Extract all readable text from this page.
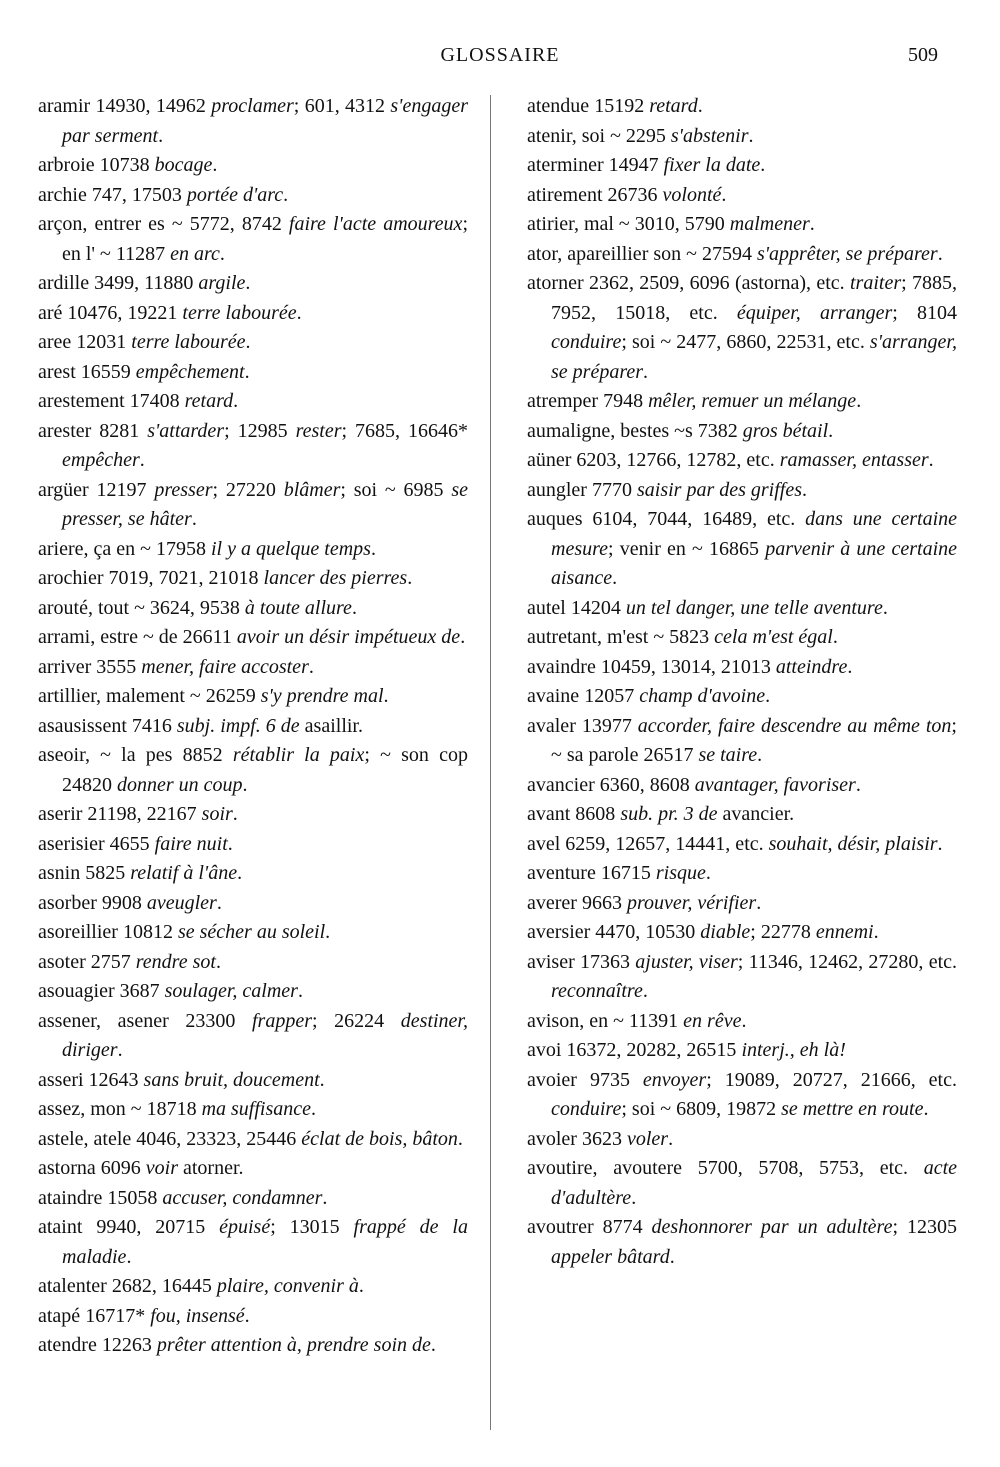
GLOSSAIRE	509
aramir 14930, 14962 proclamer; 601, 4312 s'engager par serment.
arbroie 10738 bocage.
archie 747, 17503 portée d'arc.
arçon, entrer es ~ 5772, 8742 faire l'acte amoureux; en l' ~ 11287 en arc.
ardille 3499, 11880 argile.
aré 10476, 19221 terre labourée.
aree 12031 terre labourée.
arest 16559 empêchement.
arestement 17408 retard.
arester 8281 s'attarder; 12985 rester; 7685, 16646* empêcher.
argüer 12197 presser; 27220 blâmer; soi ~ 6985 se presser, se hâter.
ariere, ça en ~ 17958 il y a quelque temps.
arochier 7019, 7021, 21018 lancer des pierres.
arouté, tout ~ 3624, 9538 à toute allure.
arrami, estre ~ de 26611 avoir un désir impétueux de.
arriver 3555 mener, faire accoster.
artillier, malement ~ 26259 s'y prendre mal.
asausissent 7416 subj. impf. 6 de asaillir.
aseoir, ~ la pes 8852 rétablir la paix; ~ son cop 24820 donner un coup.
aserir 21198, 22167 soir.
aserisier 4655 faire nuit.
asnin 5825 relatif à l'âne.
asorber 9908 aveugler.
asoreillier 10812 se sécher au soleil.
asoter 2757 rendre sot.
asouagier 3687 soulager, calmer.
assener, asener 23300 frapper; 26224 destiner, diriger.
asseri 12643 sans bruit, doucement.
assez, mon ~ 18718 ma suffisance.
astele, atele 4046, 23323, 25446 éclat de bois, bâton.
astorna 6096 voir atorner.
ataindre 15058 accuser, condamner.
ataint 9940, 20715 épuisé; 13015 frappé de la maladie.
atalenter 2682, 16445 plaire, convenir à.
atapé 16717* fou, insensé.
atendre 12263 prêter attention à, prendre soin de.
atendue 15192 retard.
atenir, soi ~ 2295 s'abstenir.
aterminer 14947 fixer la date.
atirement 26736 volonté.
atirier, mal ~ 3010, 5790 malmener.
ator, apareillier son ~ 27594 s'apprêter, se préparer.
atorner 2362, 2509, 6096 (astorna), etc. traiter; 7885, 7952, 15018, etc. équiper, arranger; 8104 conduire; soi ~ 2477, 6860, 22531, etc. s'arranger, se préparer.
atremper 7948 mêler, remuer un mélange.
aumaligne, bestes ~s 7382 gros bétail.
aüner 6203, 12766, 12782, etc. ramasser, entasser.
aungler 7770 saisir par des griffes.
auques 6104, 7044, 16489, etc. dans une certaine mesure; venir en ~ 16865 parvenir à une certaine aisance.
autel 14204 un tel danger, une telle aventure.
autretant, m'est ~ 5823 cela m'est égal.
avaindre 10459, 13014, 21013 atteindre.
avaine 12057 champ d'avoine.
avaler 13977 accorder, faire descendre au même ton; ~ sa parole 26517 se taire.
avancier 6360, 8608 avantager, favoriser.
avant 8608 sub. pr. 3 de avancier.
avel 6259, 12657, 14441, etc. souhait, désir, plaisir.
aventure 16715 risque.
averer 9663 prouver, vérifier.
aversier 4470, 10530 diable; 22778 ennemi.
aviser 17363 ajuster, viser; 11346, 12462, 27280, etc. reconnaître.
avison, en ~ 11391 en rêve.
avoi 16372, 20282, 26515 interj., eh là!
avoier 9735 envoyer; 19089, 20727, 21666, etc. conduire; soi ~ 6809, 19872 se mettre en route.
avoler 3623 voler.
avoutire, avoutere 5700, 5708, 5753, etc. acte d'adultère.
avoutrer 8774 deshonnorer par un adultère; 12305 appeler bâtard.
